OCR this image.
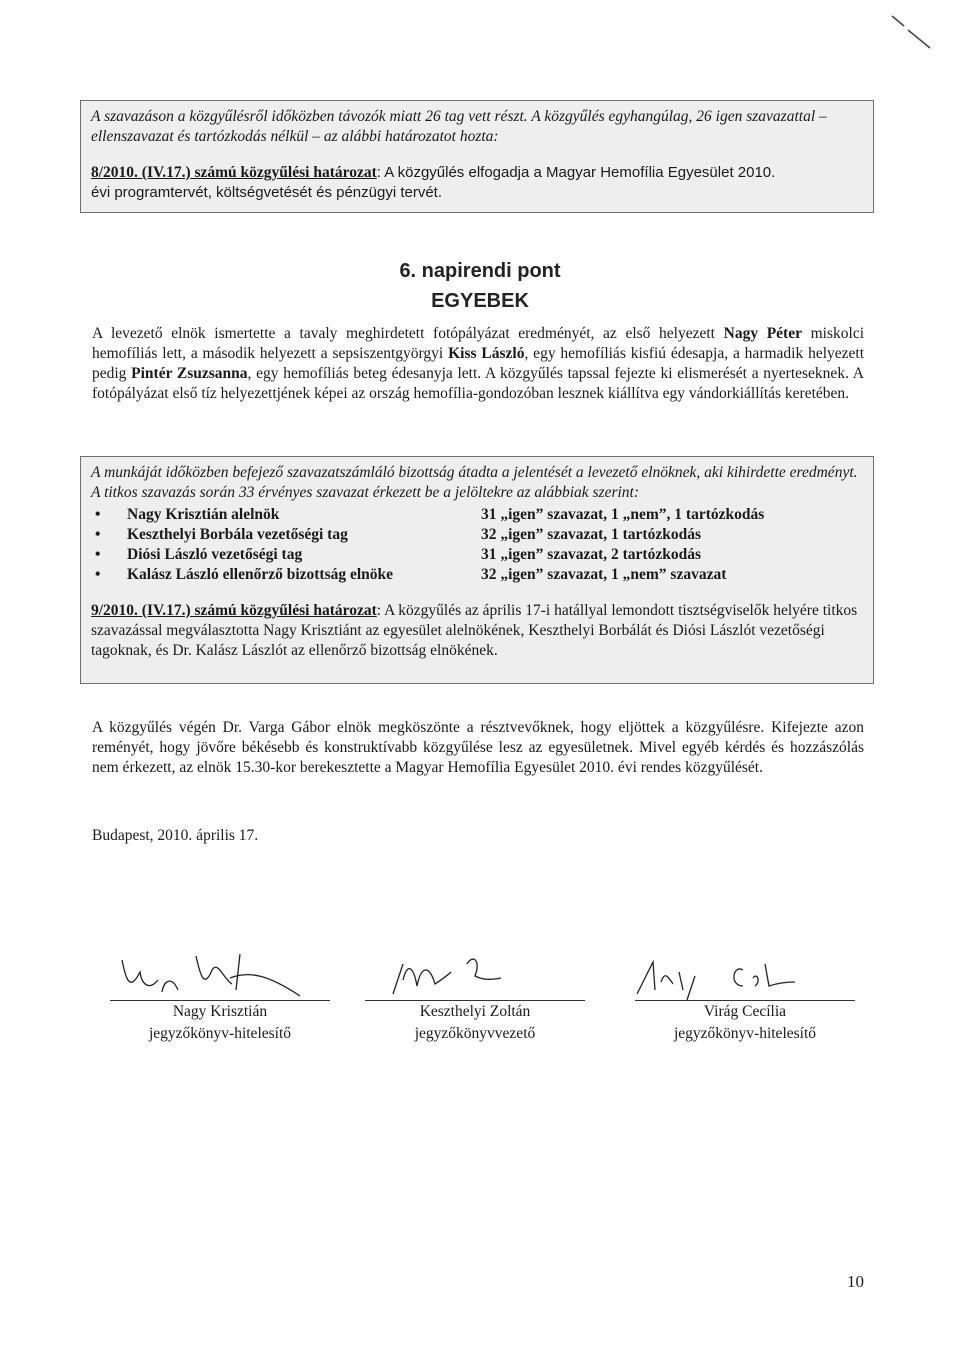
A szavazáson a közgyűlésről időközben távozók miatt 26 tag vett részt. A közgyűlés egyhangúlag, 26 igen szavazattal – ellenszavazat és tartózkodás nélkül – az alábbi határozatot hozta:
8/2010. (IV.17.) számú közgyűlési határozat: A közgyűlés elfogadja a Magyar Hemofília Egyesület 2010.
évi programtervét, költségvetését és pénzügyi tervét.
6. napirendi pont
EGYEBEK
A levezető elnök ismertette a tavaly meghirdetett fotópályázat eredményét, az első helyezett Nagy Péter miskolci hemofíliás lett, a második helyezett a sepsiszentgyörgyi Kiss László, egy hemofíliás kisfiú édesapja, a harmadik helyezett pedig Pintér Zsuzsanna, egy hemofíliás beteg édesanyja lett. A közgyűlés tapssal fejezte ki elismerését a nyerteseknek. A fotópályázat első tíz helyezettjének képei az ország hemofília-gondozóban lesznek kiállítva egy vándorkiállítás keretében.
A munkáját időközben befejező szavazatszámláló bizottság átadta a jelentését a levezető elnöknek, aki kihirdette eredményt. A titkos szavazás során 33 érvényes szavazat érkezett be a jelöltekre az alábbiak szerint:
•	Nagy Krisztián alelnök	31 „igen” szavazat, 1 „nem”, 1 tartózkodás
•	Keszthelyi Borbála vezetőségi tag	32 „igen” szavazat, 1 tartózkodás
•	Diósi László vezetőségi tag	31 „igen” szavazat, 2 tartózkodás
•	Kalász László ellenőrző bizottság elnöke	32 „igen” szavazat, 1 „nem” szavazat
9/2010. (IV.17.) számú közgyűlési határozat: A közgyűlés az április 17-i hatállyal lemondott tisztségviselők helyére titkos szavazással megválasztotta Nagy Krisztiánt az egyesület alelnökének, Keszthelyi Borbálát és Diósi Lászlót vezetőségi tagoknak, és Dr. Kalász Lászlót az ellenőrző bizottság elnökének.
A közgyűlés végén Dr. Varga Gábor elnök megköszönte a résztvevőknek, hogy eljöttek a közgyűlésre. Kifejezte azon reményét, hogy jövőre békésebb és konstruktívabb közgyűlése lesz az egyesületnek. Mivel egyéb kérdés és hozzászólás nem érkezett, az elnök 15.30-kor berekesztette a Magyar Hemofília Egyesület 2010. évi rendes közgyűlését.
Budapest, 2010. április 17.
Nagy Krisztián
jegyzőkönyv-hitelesítő
Keszthelyi Zoltán
jegyzőkönyvvezető
Virág Cecília
jegyzőkönyv-hitelesítő
10
